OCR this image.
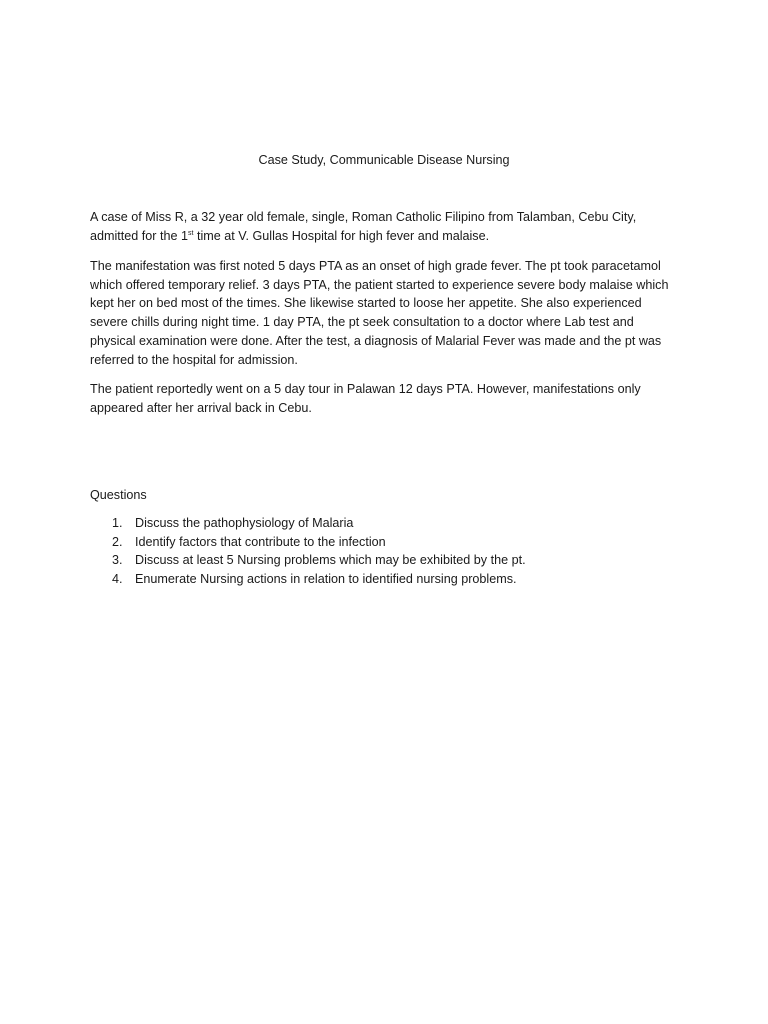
Case Study, Communicable Disease Nursing

A case of Miss R, a 32 year old female, single, Roman Catholic Filipino from Talamban, Cebu City, admitted for the 1st time at V. Gullas Hospital for high fever and malaise.

The manifestation was first noted 5 days PTA as an onset of high grade fever. The pt took paracetamol which offered temporary relief. 3 days PTA, the patient started to experience severe body malaise which kept her on bed most of the times. She likewise started to loose her appetite. She also experienced severe chills during night time. 1 day PTA, the pt seek consultation to a doctor where Lab test and physical examination were done. After the test, a diagnosis of Malarial Fever was made and the pt was referred to the hospital for admission.

The patient reportedly went on a 5 day tour in Palawan 12 days PTA. However, manifestations only appeared after her arrival back in Cebu.

Questions
1. Discuss the pathophysiology of Malaria
2. Identify factors that contribute to the infection
3. Discuss at least 5 Nursing problems which may be exhibited by the pt.
4. Enumerate Nursing actions in relation to identified nursing problems.
